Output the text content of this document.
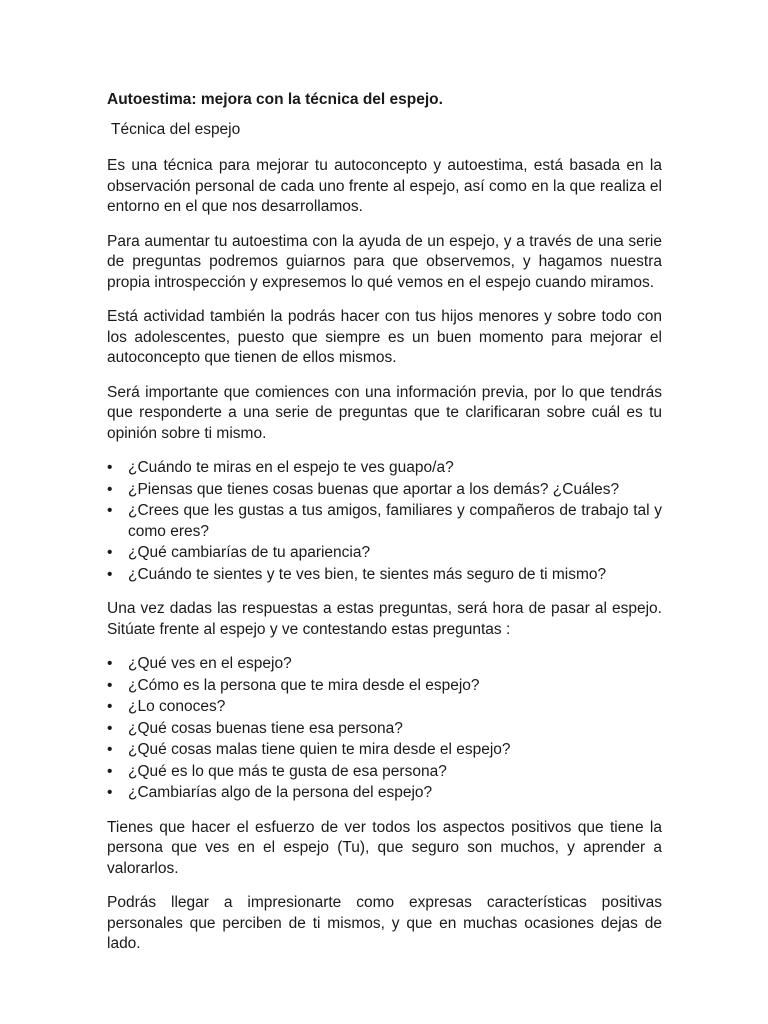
Autoestima: mejora con la técnica del espejo.
Técnica del espejo

Es una técnica para mejorar tu autoconcepto y autoestima, está basada en la observación personal de cada uno frente al espejo, así como en la que realiza el entorno en el que nos desarrollamos.

Para aumentar tu autoestima con la ayuda de un espejo, y a través de una serie de preguntas podremos guiarnos para que observemos, y hagamos nuestra propia introspección y expresemos lo qué vemos en el espejo cuando miramos.

Está actividad también la podrás hacer con tus hijos menores y sobre todo con los adolescentes, puesto que siempre es un buen momento para mejorar el autoconcepto que tienen de ellos mismos.

Será importante que comiences con una información previa, por lo que tendrás que responderte a una serie de preguntas que te clarificaran sobre cuál es tu opinión sobre ti mismo.

• ¿Cuándo te miras en el espejo te ves guapo/a?
• ¿Piensas que tienes cosas buenas que aportar a los demás? ¿Cuáles?
• ¿Crees que les gustas a tus amigos, familiares y compañeros de trabajo tal y como eres?
• ¿Qué cambiarías de tu apariencia?
• ¿Cuándo te sientes y te ves bien, te sientes más seguro de ti mismo?

Una vez dadas las respuestas a estas preguntas, será hora de pasar al espejo. Sitúate frente al espejo y ve contestando estas preguntas :

• ¿Qué ves en el espejo?
• ¿Cómo es la persona que te mira desde el espejo?
• ¿Lo conoces?
• ¿Qué cosas buenas tiene esa persona?
• ¿Qué cosas malas tiene quien te mira desde el espejo?
• ¿Qué es lo que más te gusta de esa persona?
• ¿Cambiarías algo de la persona del espejo?

Tienes que hacer el esfuerzo de ver todos los aspectos positivos que tiene la persona que ves en el espejo (Tu), que seguro son muchos, y aprender a valorarlos.

Podrás llegar a impresionarte como expresas características positivas personales que perciben de ti mismos, y que en muchas ocasiones dejas de lado.
